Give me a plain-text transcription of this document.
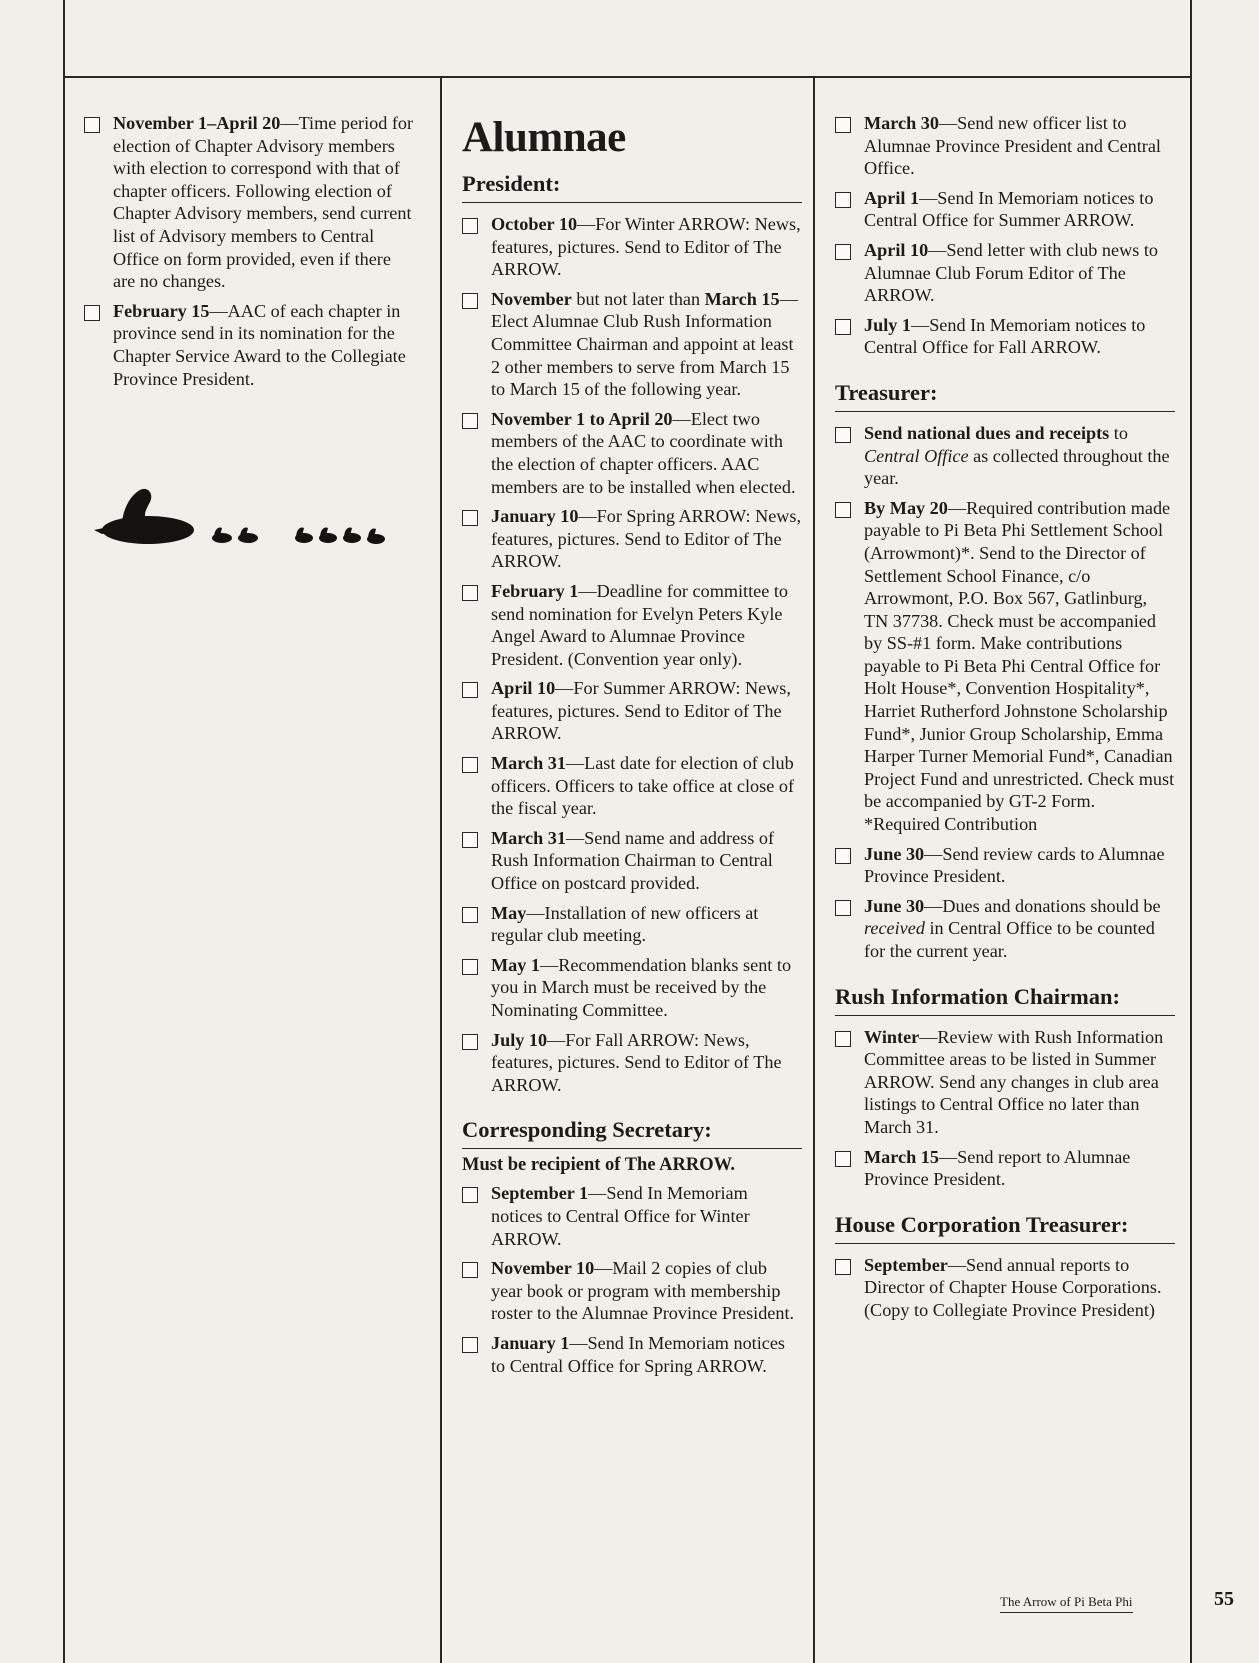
November 1–April 20—Time period for election of Chapter Advisory members with election to correspond with that of chapter officers. Following election of Chapter Advisory members, send current list of Advisory members to Central Office on form provided, even if there are no changes.
February 15—AAC of each chapter in province send in its nomination for the Chapter Service Award to the Collegiate Province President.
Alumnae
President:
October 10—For Winter ARROW: News, features, pictures. Send to Editor of The ARROW.
November but not later than March 15—Elect Alumnae Club Rush Information Committee Chairman and appoint at least 2 other members to serve from March 15 to March 15 of the following year.
November 1 to April 20—Elect two members of the AAC to coordinate with the election of chapter officers. AAC members are to be installed when elected.
January 10—For Spring ARROW: News, features, pictures. Send to Editor of The ARROW.
February 1—Deadline for committee to send nomination for Evelyn Peters Kyle Angel Award to Alumnae Province President. (Convention year only).
April 10—For Summer ARROW: News, features, pictures. Send to Editor of The ARROW.
March 31—Last date for election of club officers. Officers to take office at close of the fiscal year.
March 31—Send name and address of Rush Information Chairman to Central Office on postcard provided.
May—Installation of new officers at regular club meeting.
May 1—Recommendation blanks sent to you in March must be received by the Nominating Committee.
July 10—For Fall ARROW: News, features, pictures. Send to Editor of The ARROW.
Corresponding Secretary:
Must be recipient of The ARROW.
September 1—Send In Memoriam notices to Central Office for Winter ARROW.
November 10—Mail 2 copies of club year book or program with membership roster to the Alumnae Province President.
January 1—Send In Memoriam notices to Central Office for Spring ARROW.
March 30—Send new officer list to Alumnae Province President and Central Office.
April 1—Send In Memoriam notices to Central Office for Summer ARROW.
April 10—Send letter with club news to Alumnae Club Forum Editor of The ARROW.
July 1—Send In Memoriam notices to Central Office for Fall ARROW.
Treasurer:
Send national dues and receipts to Central Office as collected throughout the year.
By May 20—Required contribution made payable to Pi Beta Phi Settlement School (Arrowmont)*. Send to the Director of Settlement School Finance, c/o Arrowmont, P.O. Box 567, Gatlinburg, TN 37738. Check must be accompanied by SS-#1 form. Make contributions payable to Pi Beta Phi Central Office for Holt House*, Convention Hospitality*, Harriet Rutherford Johnstone Scholarship Fund*, Junior Group Scholarship, Emma Harper Turner Memorial Fund*, Canadian Project Fund and unrestricted. Check must be accompanied by GT-2 Form.
*Required Contribution
June 30—Send review cards to Alumnae Province President.
June 30—Dues and donations should be received in Central Office to be counted for the current year.
Rush Information Chairman:
Winter—Review with Rush Information Committee areas to be listed in Summer ARROW. Send any changes in club area listings to Central Office no later than March 31.
March 15—Send report to Alumnae Province President.
House Corporation Treasurer:
September—Send annual reports to Director of Chapter House Corporations. (Copy to Collegiate Province President)
The Arrow of Pi Beta Phi	55
